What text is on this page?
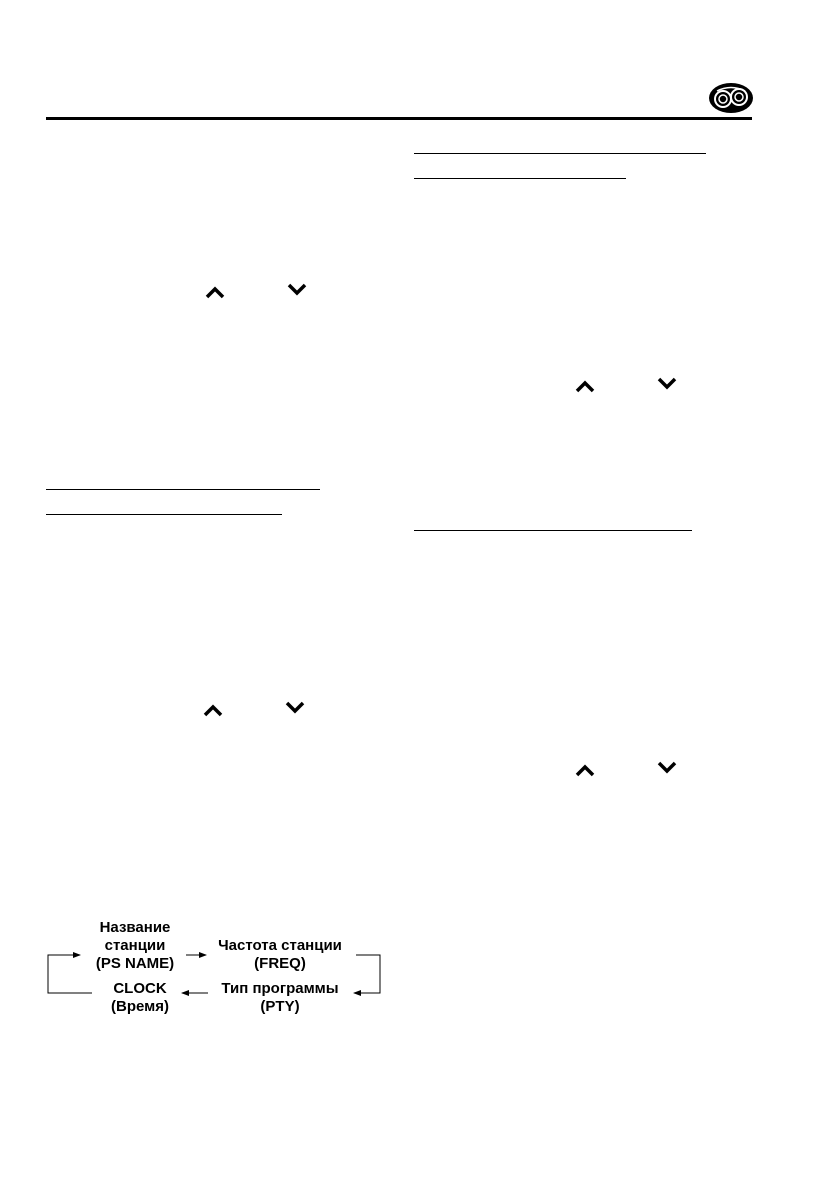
Название
станции
(PS NAME)
Частота станции
(FREQ)
CLOCK
(Время)
Тип программы
(PTY)
